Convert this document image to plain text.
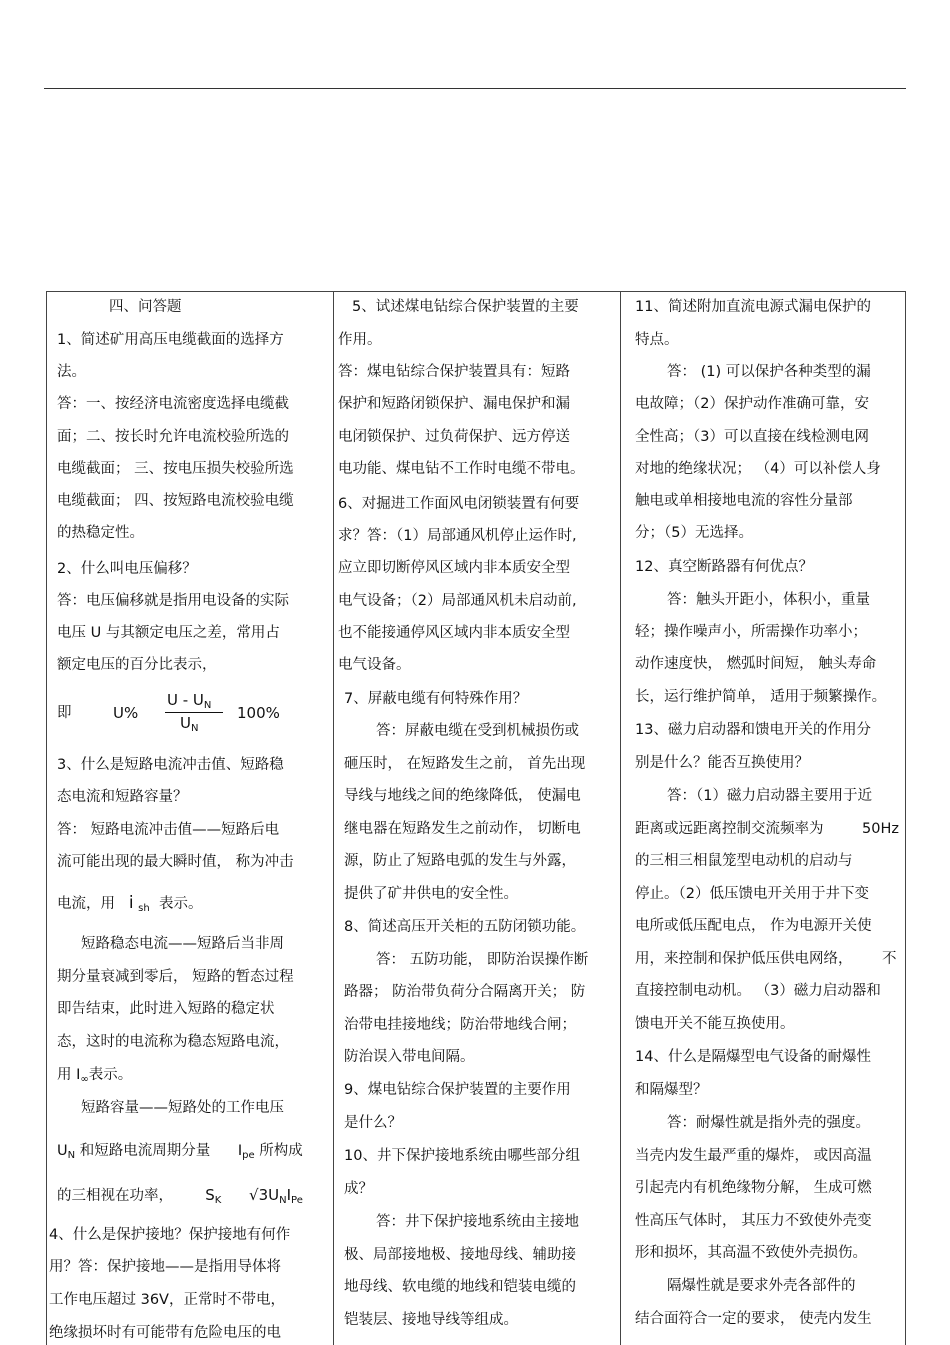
四、问答题
1、简述矿用高压电缆截面的选择方
法。
答：一、按经济电流密度选择电缆截
面；二、按长时允许电流校验所选的
电缆截面； 三、按电压损失校验所选
电缆截面； 四、按短路电流校验电缆
的热稳定性。
2、什么叫电压偏移？
答：电压偏移就是指用电设备的实际
电压 U 与其额定电压之差，常用占
额定电压的百分比表示，
即	U%
U - $U_N$
$U_N$
100%
3、什么是短路电流冲击值、短路稳
态电流和短路容量？
答： 短路电流冲击值——短路后电
流可能出现的最大瞬时值， 称为冲击
电流，用 i $_{sh}$ 表示。
短路稳态电流——短路后当非周
期分量衰减到零后， 短路的暂态过程
即告结束，此时进入短路的稳定状
态，这时的电流称为稳态短路电流，
用 $I_\infty$表示。
短路容量——短路处的工作电压
$U_N$ 和短路电流周期分量 $I_{pe}$ 所构成
的三相视在功率， $S_K$ $√3U_NI_{Pe}$
4、什么是保护接地？保护接地有何作
用？答：保护接地——是指用导体将
工作电压超过 36V，正常时不带电，
绝缘损坏时有可能带有危险电压的电
5、试述煤电钻综合保护装置的主要
作用。
答：煤电钻综合保护装置具有：短路
保护和短路闭锁保护、漏电保护和漏
电闭锁保护、过负荷保护、远方停送
电功能、煤电钻不工作时电缆不带电。
6、对掘进工作面风电闭锁装置有何要
求？答：（1）局部通风机停止运作时,
应立即切断停风区域内非本质安全型
电气设备；（2）局部通风机未启动前,
也不能接通停风区域内非本质安全型
电气设备。
7、屏蔽电缆有何特殊作用？
答：屏蔽电缆在受到机械损伤或
砸压时， 在短路发生之前， 首先出现
导线与地线之间的绝缘降低， 使漏电
继电器在短路发生之前动作， 切断电
源，防止了短路电弧的发生与外露，
提供了矿井供电的安全性。
8、简述高压开关柜的五防闭锁功能。
答： 五防功能， 即防治误操作断
路器； 防治带负荷分合隔离开关； 防
治带电挂接地线；防治带地线合闸；
防治误入带电间隔。
9、煤电钻综合保护装置的主要作用
是什么？
10、井下保护接地系统由哪些部分组
成？
答：井下保护接地系统由主接地
极、局部接地极、接地母线、辅助接
地母线、软电缆的地线和铠装电缆的
铠装层、接地导线等组成。
11、简述附加直流电源式漏电保护的
特点。
答： (1) 可以保护各种类型的漏
电故障；（2）保护动作准确可靠，安
全性高；（3）可以直接在线检测电网
对地的绝缘状况； （4）可以补偿人身
触电或单相接地电流的容性分量部
分；（5）无选择。
12、真空断路器有何优点？
答：触头开距小，体积小，重量
轻；操作噪声小，所需操作功率小；
动作速度快， 燃弧时间短， 触头寿命
长，运行维护简单， 适用于频繁操作。
13、磁力启动器和馈电开关的作用分
别是什么？能否互换使用？
答：（1）磁力启动器主要用于近
距离或远距离控制交流频率为	50Hz
的三相三相鼠笼型电动机的启动与
停止。（2）低压馈电开关用于井下变
电所或低压配电点， 作为电源开关使
用，来控制和保护低压供电网络， 不
直接控制电动机。 （3）磁力启动器和
馈电开关不能互换使用。
14、什么是隔爆型电气设备的耐爆性
和隔爆型？
答：耐爆性就是指外壳的强度。
当壳内发生最严重的爆炸， 或因高温
引起壳内有机绝缘物分解， 生成可燃
性高压气体时， 其压力不致使外壳变
形和损坏，其高温不致使外壳损伤。
隔爆性就是要求外壳各部件的
结合面符合一定的要求， 使壳内发生
